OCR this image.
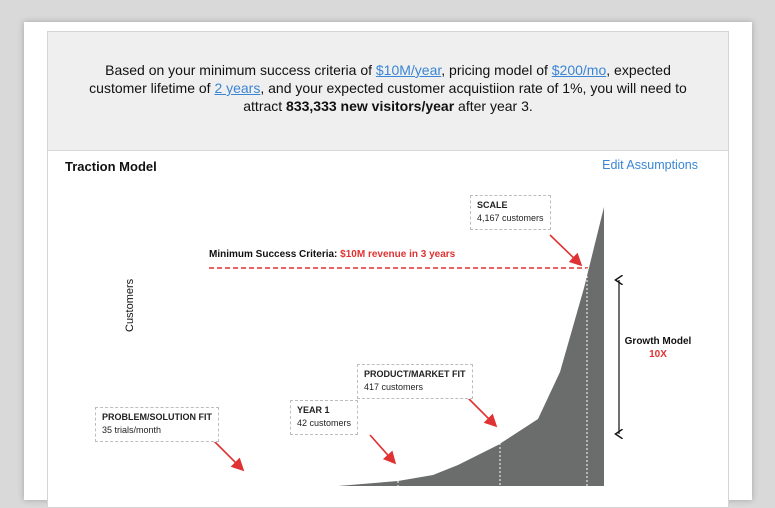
Based on your minimum success criteria of $10M/year, pricing model of $200/mo, expected customer lifetime of 2 years, and your expected customer acquistiion rate of 1%, you will need to attract 833,333 new visitors/year after year 3.
Traction Model	Edit Assumptions
Minimum Success Criteria: $10M revenue in 3 years
Customers
PROBLEM/SOLUTION FIT
35 trials/month
YEAR 1
42 customers
PRODUCT/MARKET FIT
417 customers
SCALE
4,167 customers
Growth Model
10X
